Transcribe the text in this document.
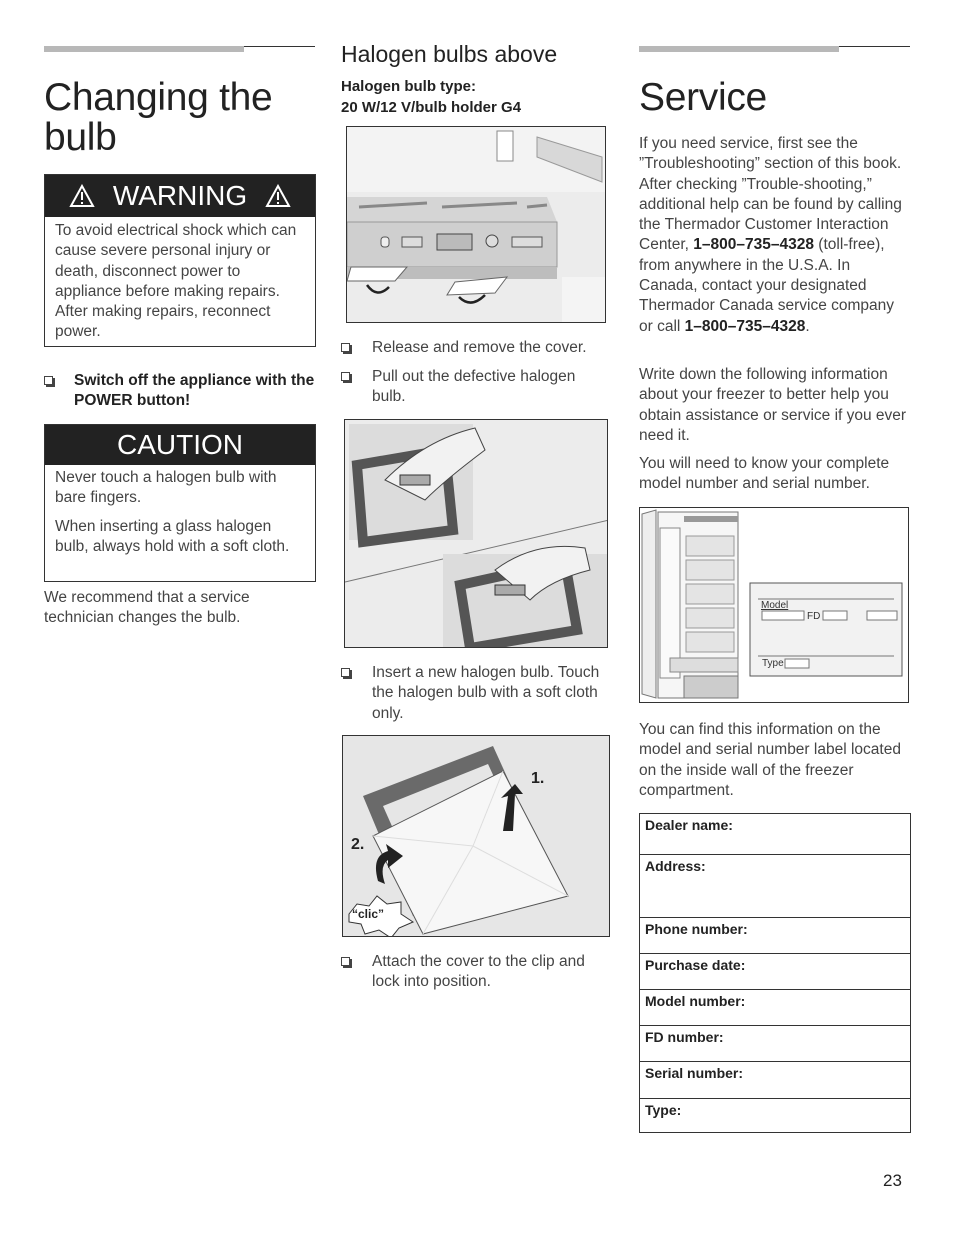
Changing the
bulb
WARNING

To avoid electrical shock which can cause severe personal injury or death, disconnect power to appliance before making repairs. After making repairs, reconnect power.

Switch off the appliance with the POWER button!
CAUTION

Never touch a halogen bulb with bare fingers.

When inserting a glass halogen bulb, always hold with a soft cloth.

We recommend that a service technician changes the bulb.

Halogen bulbs above
Halogen bulb type:
20 W/12 V/bulb holder G4
Release and remove the cover.
Pull out the defective halogen bulb.
Insert a new halogen bulb. Touch the halogen bulb with a soft cloth only.
1.
2.
“clic”
Attach the cover to the clip and lock into position.
Service

If you need service, first see the ”Troubleshooting” section of this book. After checking ”Trouble-shooting,” additional help can be found by calling the Thermador Customer Interaction Center, 1–800–735–4328 (toll-free), from anywhere in the U.S.A. In Canada, contact your designated Thermador Canada service company or call 1–800–735–4328.

Write down the following information about your freezer to better help you obtain assistance or service if you ever need it.

You will need to know your complete model number and serial number.

Model
FD
Type

You can find this information on the model and serial number label located on the inside wall of the freezer compartment.

Dealer name:
Address:
Phone number:
Purchase date:
Model number:
FD number:
Serial number:
Type:
23
